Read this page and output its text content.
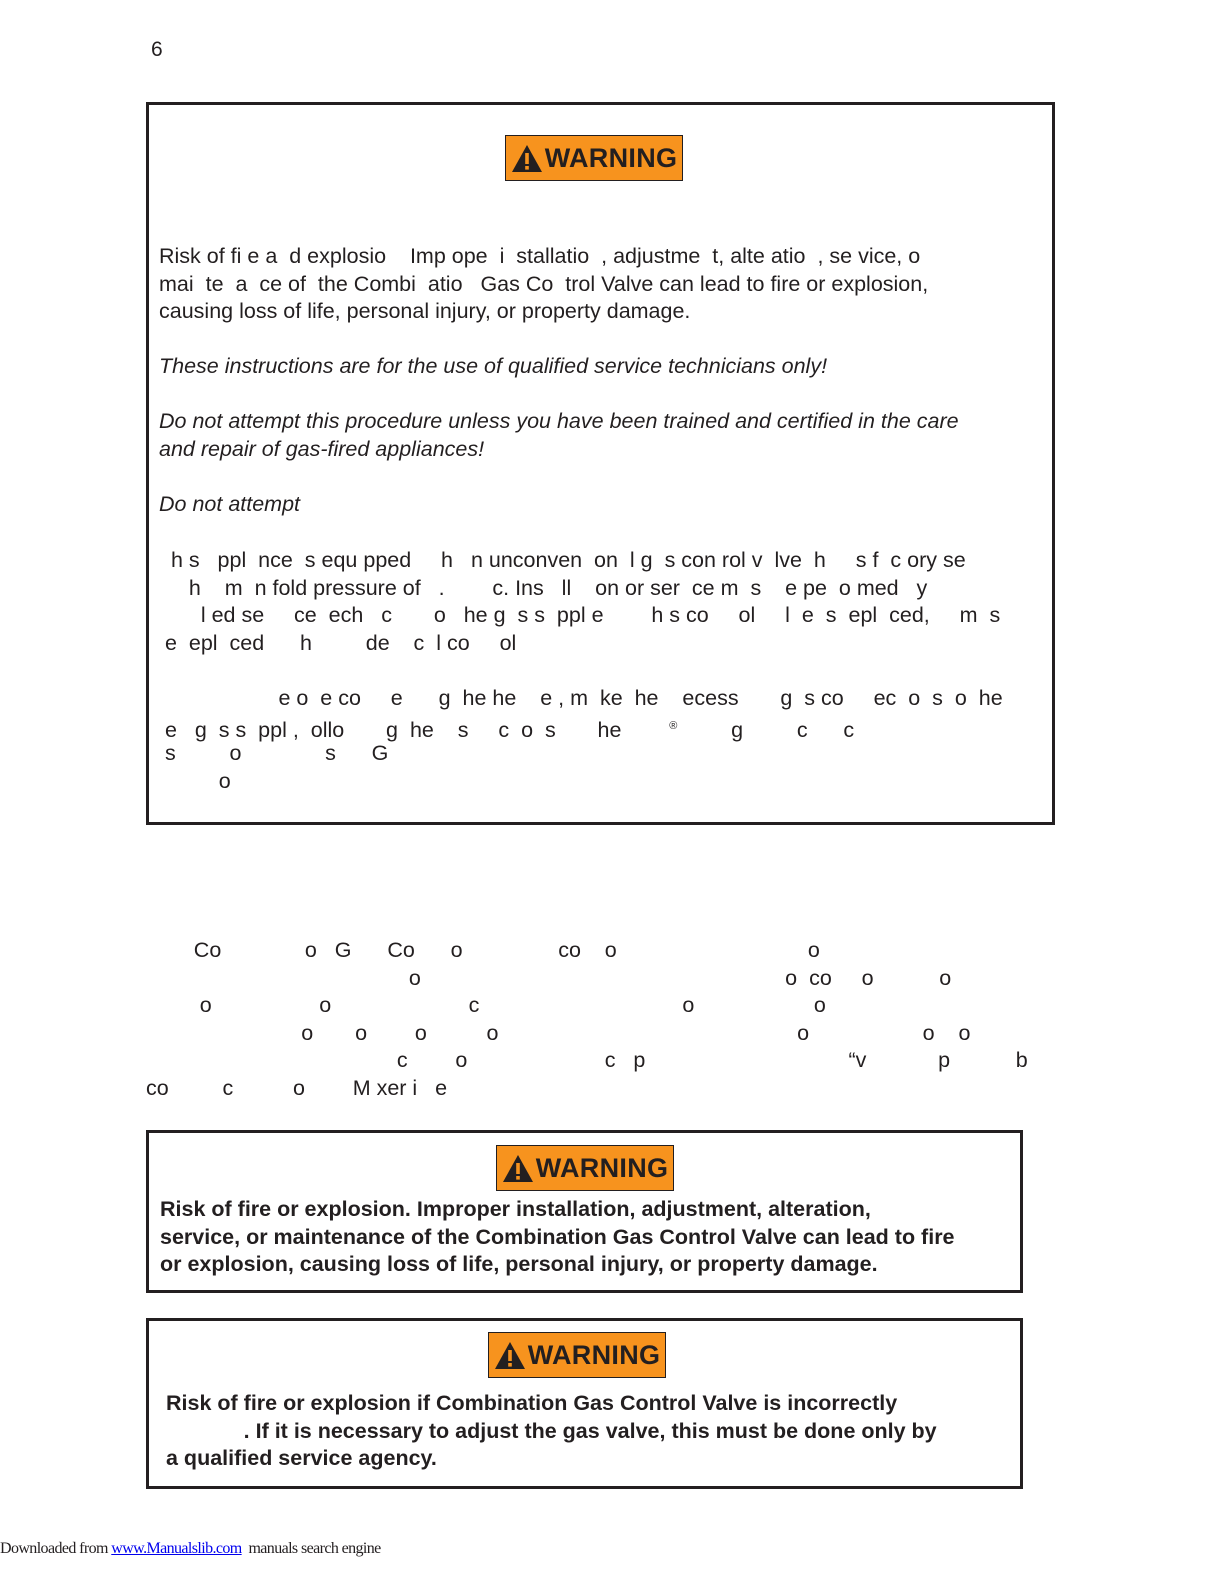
6
WARNING

Risk of fi e a  d explosio    Imp ope  i  stallatio  , adjustme  t, alte atio  , se vice, o
mai  te  a  ce of  the Combi  atio   Gas Co  trol Valve can lead to fire or explosion,
causing loss of life, personal injury, or property damage.

These instructions are for the use of qualified service technicians only!

Do not attempt this procedure unless you have been trained and certified in the care
and repair of gas-fired appliances!

Do not attempt

h s   ppl  nce  s equ pped     h   n unconven  on  l g  s con rol v  lve  h     s f  c ory se
h    m  n fold pressure of   .        c. Ins   ll    on or ser  ce m  s    e pe  o med   y
l ed se     ce  ech   c       o   he g  s s  ppl e        h s co     ol     l  e  s  epl  ced,     m  s
e  epl  ced      h         de    c  l co     ol

e o  e co     e      g  he he    e , m  ke  he    ecess       g  s co     ec  o  s  o  he

e   g  s s  ppl ,  ollo       g  he    s     c  o  s       he        ®         g         c      c

s         o              s      G

o

Co              o   G      Co      o                co    o                                o

o                                                             o  co     o           o

o                  o                       c                                  o                    o

o       o        o          o                                                  o                   o    o

c        o                       c   p                                  “v            p           b

co         c          o        M xer i   e

WARNING

Risk of fire or explosion. Improper installation, adjustment, alteration,
service, or maintenance of the Combination Gas Control Valve can lead to fire
or explosion, causing loss of life, personal injury, or property damage.

WARNING

Risk of fire or explosion if Combination Gas Control Valve is incorrectly
. If it is necessary to adjust the gas valve, this must be done only by
a qualified service agency.

Downloaded from www.Manualslib.com  manuals search engine
